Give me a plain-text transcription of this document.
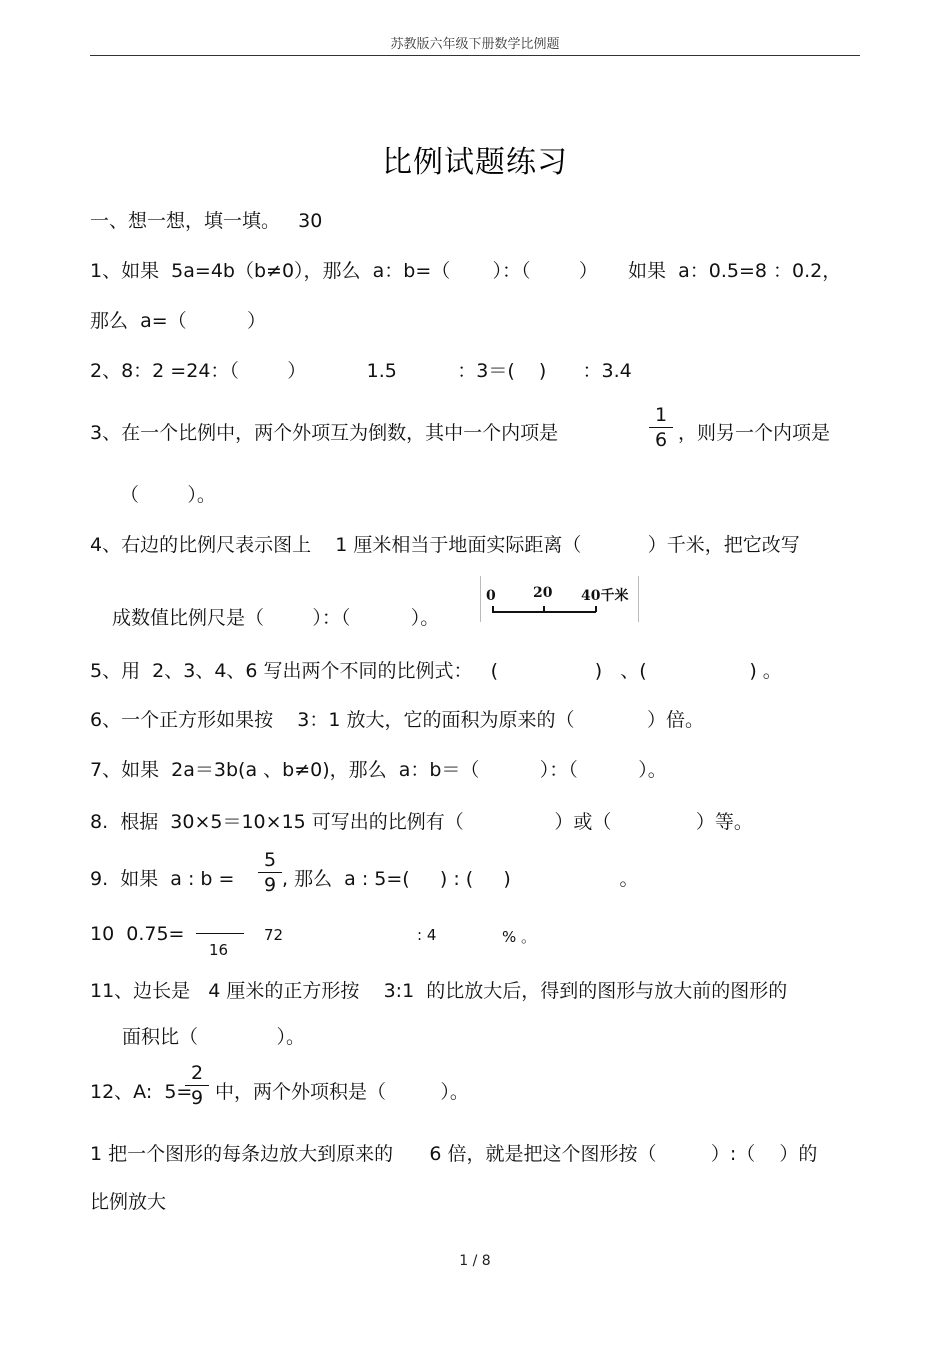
苏教版六年级下册数学比例题
比例试题练习
一、想一想，填一填。   30
1、如果  5a=4b（b≠0），那么  a：b=（       ）：（        ）     如果  a：0.5=8 ：0.2，
那么  a=（          ）
2、8：2 =24：（        ）          1.5          ：3＝(    )      ：3.4
3、在一个比例中，两个外项互为倒数，其中一个内项是
1
6 ，则另一个内项是
（        ）。
4、右边的比例尺表示图上    1 厘米相当于地面实际距离（           ）千米，把它改写
成数值比例尺是（        ）：（          ）。
0	20 40千米
5、用  2、3、4、6 写出两个不同的比例式：   (                )   、(                 ) 。
6、一个正方形如果按    3：1 放大，它的面积为原来的（            ）倍。
7、如果  2a＝3b(a 、b≠0)，那么  a：b＝（          ）：（          ）。
8.  根据  30×5＝10×15 可写出的比例有（               ）或（              ）等。
9.  如果  a : b =
5
9 , 那么  a : 5=(     ) : (     )                  。
10  0.75=
16
72	: 4	% 。
11、边长是   4 厘米的正方形按    3:1  的比放大后，得到的图形与放大前的图形的
面积比（             ）。
12、A:  5=
2
9 中，两个外项积是（         ）。
1 把一个图形的每条边放大到原来的      6 倍，就是把这个图形按（         ）:（    ）的
比例放大
1 / 8
